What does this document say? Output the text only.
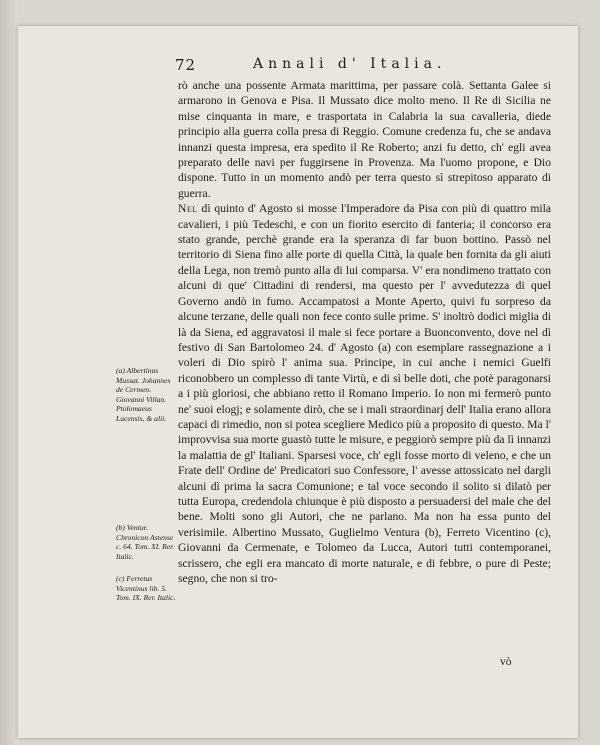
72	Annali d' Italia.

rò anche una possente Armata marittima, per passare colà. Settanta Galee si armarono in Genova e Pisa. Il Mussato dice molto meno. Il Re di Sicilia ne mise cinquanta in mare, e trasportata in Calabria la sua cavalleria, diede principio alla guerra colla presa di Reggio. Comune credenza fu, che se andava innanzi questa impresa, era spedito il Re Roberto; anzi fu detto, ch' egli avea preparato delle navi per fuggirsene in Provenza. Ma l'uomo propone, e Dio dispone. Tutto in un momento andò per terra questo sì strepitoso apparato di guerra.

Nel dì quinto d' Agosto si mosse l'Imperadore da Pisa con più di quattro mila cavalieri, i più Tedeschi, e con un fiorito esercito di fanteria; il concorso era stato grande, perchè grande era la speranza di far buon bottino. Passò nel territorio di Siena fino alle porte di quella Città, la quale ben fornita da gli aiuti della Lega, non tremò punto alla di lui comparsa. V' era nondimeno trattato con alcuni di que' Cittadini di rendersi, ma questo per l' avvedutezza di quel Governo andò in fumo. Accampatosi a Monte Aperto, quivi fu sorpreso da alcune terzane, delle quali non fece conto sulle prime. S' inoltrò dodici miglia di là da Siena, ed aggravatosi il male si fece portare a Buonconvento, dove nel dì festivo di San Bartolomeo 24. d' Agosto (a) con esemplare rassegnazione a i voleri di Dio spirò l' anima sua. Principe, in cui anche i nemici Guelfi riconobbero un complesso di tante Virtù, e di sì belle doti, che potè paragonarsi a i più gloriosi, che abbiano retto il Romano Imperio. Io non mi fermerò punto ne' suoi elogj; e solamente dirò, che se i mali straordinarj dell' Italia erano allora capaci di rimedio, non si potea scegliere Medico più a proposito di questo. Ma l' improvvisa sua morte guastò tutte le misure, e peggiorò sempre più da lì innanzi la malattia de gl' Italiani. Sparsesi voce, ch' egli fosse morto di veleno, e che un Frate dell' Ordine de' Predicatori suo Confessore, l' avesse attossicato nel dargli alcuni dì prima la sacra Comunione; e tal voce secondo il solito si dilatò per tutta Europa, credendola chiunque è più disposto a persuadersi del male che del bene. Molti sono gli Autori, che ne parlano. Ma non ha essa punto del verisimile. Albertino Mussato, Guglielmo Ventura (b), Ferreto Vicentino (c), Giovanni da Cermenate, e Tolomeo da Lucca, Autori tutti contemporanei, scrissero, che egli era mancato di morte naturale, e di febbre, o pure di Peste; segno, che non si tro-

vò
(a) Albertinus Mussat. Johannes de Cermen. Giovanni Villan. Ptolomaeus Lucensis, & alii.
(b) Ventur. Chronicon Astense c. 64. Tom. XI. Rer. Italic.
(c) Ferretus Vicentinus lib. 5. Tom. IX. Rer. Italic.
